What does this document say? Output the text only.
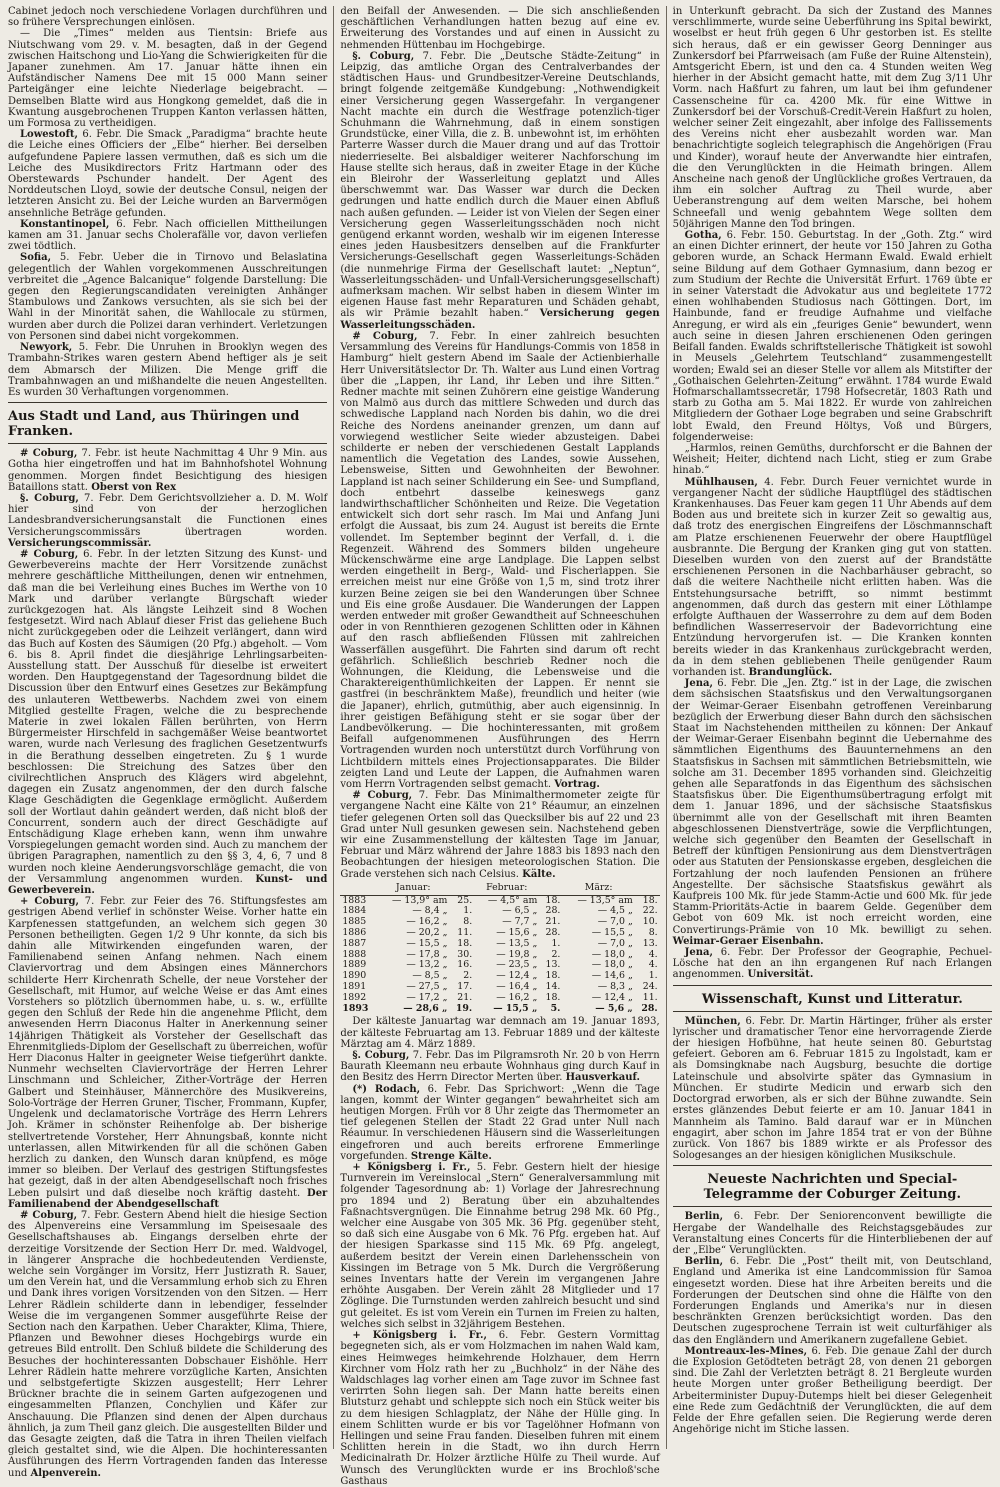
Cabinet jedoch noch verschiedene Vorlagen durchführen und so frühere Versprechungen einlösen.

— Die „Times“ melden aus Tientsin: Briefe aus Niutschwang vom 29. v. M. besagten, daß in der Gegend zwischen Haitschong und Lio-Yang die Schwierigkeiten für die Japaner zunehmen. Am 17. Januar hätte ihnen ein Aufständischer Namens Dee mit 15 000 Mann seiner Parteigänger eine leichte Niederlage beigebracht. — Demselben Blatte wird aus Hongkong gemeldet, daß die in Kwantung ausgebrochenen Truppen Kanton verlassen hätten, um Formosa zu vertheidigen.

Lowestoft, 6. Febr. Die Smack „Paradigma“ brachte heute die Leiche eines Officiers der „Elbe“ hierher. Bei derselben aufgefundene Papiere lassen vermuthen, daß es sich um die Leiche des Musikdirectors Fritz Hartmann oder des Oberstewards Pschunder handelt. Der Agent des Norddeutschen Lloyd, sowie der deutsche Consul, neigen der letzteren Ansicht zu. Bei der Leiche wurden an Barvermögen ansehnliche Beträge gefunden.

Konstantinopel, 6. Febr. Nach officiellen Mittheilungen kamen am 31. Januar sechs Cholerafälle vor, davon verliefen zwei tödtlich.

Sofia, 5. Febr. Ueber die in Tirnovo und Belaslatina gelegentlich der Wahlen vorgekommenen Ausschreitungen verbreitet die „Agence Balcanique“ folgende Darstellung: Die gegen den Regierungscandidaten vereinigten Anhänger Stambulows und Zankows versuchten, als sie sich bei der Wahl in der Minorität sahen, die Wahllocale zu stürmen, wurden aber durch die Polizei daran verhindert. Verletzungen von Personen sind dabei nicht vorgekommen.

Newyork, 5. Febr. Die Unruhen in Brooklyn wegen des Trambahn-Strikes waren gestern Abend heftiger als je seit dem Abmarsch der Milizen. Die Menge griff die Trambahnwagen an und mißhandelte die neuen Angestellten. Es wurden 30 Verhaftungen vorgenommen.

Aus Stadt und Land, aus Thüringen und Franken.

# Coburg, 7. Febr. ist heute Nachmittag 4 Uhr 9 Min. aus Gotha hier eingetroffen und hat im Bahnhofshotel Wohnung genommen. Morgen findet Besichtigung des hiesigen Bataillons statt. Oberst von Rex

§. Coburg, 7. Febr. Dem Gerichtsvollzieher a. D. M. Wolf hier sind von der herzoglichen Landesbrandversicherungsanstalt die Functionen eines Versicherungscommissärs übertragen worden. Versicherungscommissär.

# Coburg, 6. Febr. In der letzten Sitzung des Kunst- und Gewerbevereins machte der Herr Vorsitzende zunächst mehrere geschäftliche Mittheilungen, denen wir entnehmen, daß man die bei Verleihung eines Buches im Werthe von 10 Mark und darüber verlangte Bürgschaft wieder zurückgezogen hat. Als längste Leihzeit sind 8 Wochen festgesetzt. Wird nach Ablauf dieser Frist das geliehene Buch nicht zurückgegeben oder die Leihzeit verlängert, dann wird das Buch auf Kosten des Säumigen (20 Pfg.) abgeholt. — Vom 6. bis 8. April findet die diesjährige Lehrlingsarbeiten-Ausstellung statt. Der Ausschuß für dieselbe ist erweitert worden. Den Hauptgegenstand der Tagesordnung bildet die Discussion über den Entwurf eines Gesetzes zur Bekämpfung des unlauteren Wettbewerbs. Nachdem zwei von einem Mitglied gestellte Fragen, welche die zu besprechende Materie in zwei lokalen Fällen berührten, von Herrn Bürgermeister Hirschfeld in sachgemäßer Weise beantwortet waren, wurde nach Verlesung des fraglichen Gesetzentwurfs in die Berathung desselben eingetreten. Zu § 1 wurde beschlossen: Die Streichung des Satzes über den civilrechtlichen Anspruch des Klägers wird abgelehnt, dagegen ein Zusatz angenommen, der den durch falsche Klage Geschädigten die Gegenklage ermöglicht. Außerdem soll der Wortlaut dahin geändert werden, daß nicht bloß der Concurrent, sondern auch der direct Geschädigte auf Entschädigung Klage erheben kann, wenn ihm unwahre Vorspiegelungen gemacht worden sind. Auch zu manchem der übrigen Paragraphen, namentlich zu den §§ 3, 4, 6, 7 und 8 wurden noch kleine Aenderungsvorschläge gemacht, die von der Versammlung angenommen wurden. Kunst- und Gewerbeverein.

+ Coburg, 7. Febr. zur Feier des 76. Stiftungsfestes am gestrigen Abend verlief in schönster Weise. Vorher hatte ein Karpfenessen stattgefunden, an welchem sich gegen 30 Personen betheiligten. Gegen 1/2 9 Uhr konnte, da sich bis dahin alle Mitwirkenden eingefunden waren, der Familienabend seinen Anfang nehmen. Nach einem Claviervortrag und dem Absingen eines Männerchors schilderte Herr Kirchenrath Schelle, der neue Vorsteher der Gesellschaft, mit Humor, auf welche Weise er das Amt eines Vorstehers so plötzlich übernommen habe, u. s. w., erfüllte gegen den Schluß der Rede hin die angenehme Pflicht, dem anwesenden Herrn Diaconus Halter in Anerkennung seiner 14jährigen Thätigkeit als Vorsteher der Gesellschaft das Ehrenmitglieds-Diplom der Gesellschaft zu überreichen, wofür Herr Diaconus Halter in geeigneter Weise tiefgerührt dankte. Nunmehr wechselten Claviervorträge der Herren Lehrer Linschmann und Schleicher, Zither-Vorträge der Herren Galbert und Steinhäuser, Männerchöre des Musikvereins, Solo-Vorträge der Herren Gruner, Tischer, Frommann, Kupfer, Ungelenk und declamatorische Vorträge des Herrn Lehrers Joh. Krämer in schönster Reihenfolge ab. Der bisherige stellvertretende Vorsteher, Herr Ahnungsbaß, konnte nicht unterlassen, allen Mitwirkenden für all die schönen Gaben herzlich zu danken, den Wunsch daran knüpfend, es möge immer so bleiben. Der Verlauf des gestrigen Stiftungsfestes hat gezeigt, daß in der alten Abendgesellschaft noch frisches Leben pulsirt und daß dieselbe noch kräftig dasteht. Der Familienabend der Abendgesellschaft

# Coburg, 7. Febr. Gestern Abend hielt die hiesige Section des Alpenvereins eine Versammlung im Speisesaale des Gesellschaftshauses ab. Eingangs derselben ehrte der derzeitige Vorsitzende der Section Herr Dr. med. Waldvogel, in längerer Ansprache die hochbedeutenden Verdienste, welche sein Vorgänger im Vorsitz, Herr Justizrath R. Sauer, um den Verein hat, und die Versammlung erhob sich zu Ehren und Dank ihres vorigen Vorsitzenden von den Sitzen. — Herr Lehrer Rädlein schilderte dann in lebendiger, fesselnder Weise die im vergangenen Sommer ausgeführte Reise der Section nach den Karpathen. Ueber Charakter, Klima, Thiere, Pflanzen und Bewohner dieses Hochgebirgs wurde ein getreues Bild entrollt. Den Schluß bildete die Schilderung des Besuches der hochinteressanten Dobschauer Eishöhle. Herr Lehrer Rädlein hatte mehrere vorzügliche Karten, Ansichten und selbstgefertigte Skizzen ausgestellt; Herr Lehrer Brückner brachte die in seinem Garten aufgezogenen und eingesammelten Pflanzen, Conchylien und Käfer zur Anschauung. Die Pflanzen sind denen der Alpen durchaus ähnlich, ja zum Theil ganz gleich. Die ausgestellten Bilder und das Gesagte zeigten, daß die Tatra in ihren Theilen vielfach gleich gestaltet sind, wie die Alpen. Die hochinteressanten Ausführungen des Herrn Vortragenden fanden das Interesse und Alpenverein.

den Beifall der Anwesenden. — Die sich anschließenden geschäftlichen Verhandlungen hatten bezug auf eine ev. Erweiterung des Vorstandes und auf einen in Aussicht zu nehmenden Hüttenbau im Hochgebirge.

§. Coburg, 7. Febr. Die „Deutsche Städte-Zeitung“ in Leipzig, das amtliche Organ des Centralverbandes der städtischen Haus- und Grundbesitzer-Vereine Deutschlands, bringt folgende zeitgemäße Kundgebung: „Nothwendigkeit einer Versicherung gegen Wassergefahr. In vergangener Nacht machte ein durch die Westfrage potenzlich-tiger Schuhmann die Wahrnehmung, daß in einem sonstigen Grundstücke, einer Villa, die z. B. unbewohnt ist, im erhöhten Parterre Wasser durch die Mauer drang und auf das Trottoir niederrieselte. Bei alsbaldiger weiterer Nachforschung im Hause stellte sich heraus, daß in zweiter Etage in der Küche ein Bleirohr der Wasserleitung geplatzt und Alles überschwemmt war. Das Wasser war durch die Decken gedrungen und hatte endlich durch die Mauer einen Abfluß nach außen gefunden. — Leider ist von Vielen der Segen einer Versicherung gegen Wasserleitungsschäden noch nicht genügend erkannt worden, weshalb wir im eigenen Interesse eines jeden Hausbesitzers denselben auf die Frankfurter Versicherungs-Gesellschaft gegen Wasserleitungs-Schäden (die nunmehrige Firma der Gesellschaft lautet: „Neptun“, Wasserleitungsschäden- und Unfall-Versicherungsgesellschaft) aufmerksam machen. Wir selbst haben in diesem Winter im eigenen Hause fast mehr Reparaturen und Schäden gehabt, als wir Prämie bezahlt haben.“ Versicherung gegen Wasserleitungsschäden.

# Coburg, 7. Febr. In einer zahlreich besuchten Versammlung des Vereins für Handlungs-Commis von 1858 in Hamburg“ hielt gestern Abend im Saale der Actienbierhalle Herr Universitätslector Dr. Th. Walter aus Lund einen Vortrag über die „Lappen, ihr Land, ihr Leben und ihre Sitten.“ Redner machte mit seinen Zuhörern eine geistige Wanderung von Malmö aus durch das mittlere Schweden und durch das schwedische Lappland nach Norden bis dahin, wo die drei Reiche des Nordens aneinander grenzen, um dann auf vorwiegend westlicher Seite wieder abzusteigen. Dabei schilderte er neben der verschiedenen Gestalt Lapplands namentlich die Vegetation des Landes, sowie Aussehen, Lebensweise, Sitten und Gewohnheiten der Bewohner. Lappland ist nach seiner Schilderung ein See- und Sumpfland, doch entbehrt dasselbe keineswegs ganz landwirthschaftlicher Schönheiten und Reize. Die Vegetation entwickelt sich dort sehr rasch. Im Mai und Anfang Juni erfolgt die Aussaat, bis zum 24. August ist bereits die Ernte vollendet. Im September beginnt der Verfall, d. i. die Regenzeit. Während des Sommers bilden ungeheure Mückenschwärme eine arge Landplage. Die Lappen selbst werden eingetheilt in Berg-, Wald- und Fischerlappen. Sie erreichen meist nur eine Größe von 1,5 m, sind trotz ihrer kurzen Beine zeigen sie bei den Wanderungen über Schnee und Eis eine große Ausdauer. Die Wanderungen der Lappen werden entweder mit großer Gewandtheit auf Schneeschuhen oder in von Rennthieren gezogenen Schlitten oder in Kähnen auf den rasch abfließenden Flüssen mit zahlreichen Wasserfällen ausgeführt. Die Fahrten sind darum oft recht gefährlich. Schließlich beschrieb Redner noch die Wohnungen, die Kleidung, die Lebensweise und die Charaktereigenthümlichkeiten der Lappen. Er nennt sie gastfrei (in beschränktem Maße), freundlich und heiter (wie die Japaner), ehrlich, gutmüthig, aber auch eigensinnig. In ihrer geistigen Befähigung steht er sie sogar über der Landbevölkerung. — Die hochinteressanten, mit großem Beifall aufgenommenen Ausführungen des Herrn Vortragenden wurden noch unterstützt durch Vorführung von Lichtbildern mittels eines Projectionsapparates. Die Bilder zeigten Land und Leute der Lappen, die Aufnahmen waren vom Herrn Vortragenden selbst gemacht. Vortrag.

# Coburg, 7. Febr. Das Minimalthermometer zeigte für vergangene Nacht eine Kälte von 21° Réaumur, an einzelnen tiefer gelegenen Orten soll das Quecksilber bis auf 22 und 23 Grad unter Null gesunken gewesen sein. Nachstehend geben wir eine Zusammenstellung der kältesten Tage im Januar, Februar und März während der Jahre 1883 bis 1893 nach den Beobachtungen der hiesigen meteorologischen Station. Die Grade verstehen sich nach Celsius. Kälte.

	Januar:		Februar:		März:	
1883	— 13,9° am	25.	— 4,5° am	18.	— 13,5° am	18.
1884	— 8,4 „	1.	— 6,5 „	28.	— 4,5 „	22.
1885	— 16,2 „	8.	— 7,7 „	21.	— 7,0 „	10.
1886	— 20,2 „	11.	— 15,6 „	28.	— 15,5 „	8.
1887	— 15,5 „	18.	— 13,5 „	1.	— 7,0 „	13.
1888	— 17,8 „	30.	— 19,8 „	2.	— 18,0 „	4.
1889	— 13,2 „	16.	— 23,5 „	13.	— 18,0 „	4.
1890	— 8,5 „	2.	— 12,4 „	18.	— 14,6 „	1.
1891	— 27,5 „	17.	— 16,4 „	14.	— 8,3 „	24.
1892	— 17,2 „	21.	— 16,2 „	18.	— 12,4 „	11.
1893	— 28,6 „	19.	— 15,5 „	5.	— 5,6 „	28.

Der kälteste Januartag war demnach am 19. Januar 1893, der kälteste Februartag am 13. Februar 1889 und der kälteste Märztag am 4. März 1889.

§. Coburg, 7. Febr. Das im Pilgramsroth Nr. 20 b von Herrn Baurath Kleemann neu erbaute Wohnhaus ging durch Kauf in den Besitz des Herrn Director Merten über. Hausverkauf.

(*) Rodach, 6. Febr. Das Sprichwort: „Wenn die Tage langen, kommt der Winter gegangen“ bewahrheitet sich am heutigen Morgen. Früh vor 8 Uhr zeigte das Thermometer an tief gelegenen Stellen der Stadt 22 Grad unter Null nach Réaumur. In verschiedenen Häusern sind die Wasserleitungen eingefroren und auch bereits erfrorene Emmerlinge vorgefunden. Strenge Kälte.

+ Königsberg i. Fr., 5. Febr. Gestern hielt der hiesige Turnverein im Vereinslocal „Stern“ Generalversammlung mit folgender Tagesordnung ab: 1) Vorlage der Jahresrechnung pro 1894 und 2) Beratung über ein abzuhaltendes Faßnachtsvergnügen. Die Einnahme betrug 298 Mk. 60 Pfg., welcher eine Ausgabe von 305 Mk. 36 Pfg. gegenüber steht, so daß sich eine Ausgabe von 6 Mk. 76 Pfg. ergeben hat. Auf der hiesigen Sparkasse sind 115 Mk. 69 Pfg. angelegt, außerdem besitzt der Verein einen Darlehensschein von Kissingen im Betrage von 5 Mk. Durch die Vergrößerung seines Inventars hatte der Verein im vergangenen Jahre erhöhte Ausgaben. Der Verein zählt 28 Mitglieder und 17 Zöglinge. Die Turnstunden werden zahlreich besucht und sind gut geleitet. Es ist vom Verein ein Turnen im Freien zu halten, welches sich selbst in 32jährigem Bestehen.

+ Königsberg i. Fr., 6. Febr. Gestern Vormittag begegneten sich, als er vom Holzmachen im nahen Wald kam, eines Heimweges heimkehrende Holzhauer, dem Herrn Kirchner vom Holz rath her zu „Buchholz“ in der Nähe des Waldschlages lag vorher einen am Tage zuvor im Schnee fast verirrten Sohn liegen sah. Der Mann hatte bereits einen Blutsturz gehabt und schleppte sich noch ein Stück weiter bis zu dem hiesigen Schlagplatz, der Nähe der Hülle ging. In einem Schlitten wurde er bis vor Tagelöhner Hofmann von Hellingen und seine Frau fanden. Dieselben fuhren mit einem Schlitten herein in die Stadt, wo ihn durch Herrn Medicinalrath Dr. Holzer ärztliche Hülfe zu Theil wurde. Auf Wunsch des Verunglückten wurde er ins Brochloß'sche Gasthaus

in Unterkunft gebracht. Da sich der Zustand des Mannes verschlimmerte, wurde seine Ueberführung ins Spital bewirkt, woselbst er heut früh gegen 6 Uhr gestorben ist. Es stellte sich heraus, daß er ein gewisser Georg Denninger aus Zunkersdorf bei Pfarrweisach (am Fuße der Ruine Altenstein), Amtsgericht Ebern, ist und den ca. 4 Stunden weiten Weg hierher in der Absicht gemacht hatte, mit dem Zug 3/11 Uhr Vorm. nach Haßfurt zu fahren, um laut bei ihm gefundener Cassenscheine für ca. 4200 Mk. für eine Wittwe in Zunkersdorf bei der Vorschuß-Credit-Verein Haßfurt zu holen, welcher seiner Zeit eingezahlt, aber infolge des Fallissements des Vereins nicht eher ausbezahlt worden war. Man benachrichtigte sogleich telegraphisch die Angehörigen (Frau und Kinder), worauf heute der Anverwandte hier eintrafen, die den Verunglückten in die Heimath bringen. Allem Anscheine nach genoß der Unglückliche großes Vertrauen, da ihm ein solcher Auftrag zu Theil wurde, aber Ueberanstrengung auf dem weiten Marsche, bei hohem Schneefall und wenig gebahntem Wege sollten dem 50jährigen Manne den Tod bringen.

Gotha, 6. Febr. 150. Geburtstag. In der „Goth. Ztg.“ wird an einen Dichter erinnert, der heute vor 150 Jahren zu Gotha geboren wurde, an Schack Hermann Ewald. Ewald erhielt seine Bildung auf dem Gothaer Gymnasium, dann bezog er zum Studium der Rechte die Universität Erfurt. 1769 übte er in seiner Vaterstadt die Advokatur aus und begleitete 1772 einen wohlhabenden Studiosus nach Göttingen. Dort, im Hainbunde, fand er freudige Aufnahme und vielfache Anregung, er wird als ein „feuriges Genie“ bewundert, wenn auch seine in diesen Jahren erschienenen Oden geringen Beifall fanden. Ewalds schriftstellerische Thätigkeit ist sowohl in Meusels „Gelehrtem Teutschland“ zusammengestellt worden; Ewald sei an dieser Stelle vor allem als Mitstifter der „Gothaischen Gelehrten-Zeitung“ erwähnt. 1784 wurde Ewald Hofmarschallamtssecretär, 1798 Hofsecretär, 1803 Rath und starb zu Gotha am 5. Mai 1822. Er wurde von zahlreichen Mitgliedern der Gothaer Loge begraben und seine Grabschrift lobt Ewald, den Freund Höltys, Voß und Bürgers, folgenderweise:

„Harmlos, reinen Gemüths, durchforscht er die Bahnen der Weisheit; Heiter, dichtend nach Licht, stieg er zum Grabe hinab.“

Mühlhausen, 4. Febr. Durch Feuer vernichtet wurde in vergangener Nacht der südliche Hauptflügel des städtischen Krankenhauses. Das Feuer kam gegen 11 Uhr Abends auf dem Boden aus und breitete sich in kurzer Zeit so gewaltig aus, daß trotz des energischen Eingreifens der Löschmannschaft am Platze erschienenen Feuerwehr der obere Hauptflügel ausbrannte. Die Bergung der Kranken ging gut von statten. Dieselben wurden von den zuerst auf der Brandstätte erschienenen Personen in die Nachbarhäuser gebracht, so daß die weitere Nachtheile nicht erlitten haben. Was die Entstehungsursache betrifft, so nimmt bestimmt angenommen, daß durch das gestern mit einer Löthlampe erfolgte Aufthauen der Wasserrohre zu dem auf dem Boden befindlichen Wasserreservoir der Badevorrichtung eine Entzündung hervorgerufen ist. — Die Kranken konnten bereits wieder in das Krankenhaus zurückgebracht werden, da in dem stehen gebliebenen Theile genügender Raum vorhanden ist. Brandunglück.

Jena, 6. Febr. Die „Jen. Ztg.“ ist in der Lage, die zwischen dem sächsischen Staatsfiskus und den Verwaltungsorganen der Weimar-Geraer Eisenbahn getroffenen Vereinbarung bezüglich der Erwerbung dieser Bahn durch den sächsischen Staat im Nachstehenden mittheilen zu können: Der Ankauf der Weimar-Geraer Eisenbahn beginnt die Uebernahme des sämmtlichen Eigenthums des Bauunternehmens an den Staatsfiskus in Sachsen mit sämmtlichen Betriebsmitteln, wie solche am 31. December 1895 vorhanden sind. Gleichzeitig gehen alle Separatfonds in das Eigenthum des sächsischen Staatsfiskus über. Die Eigenthumsübertragung erfolgt mit dem 1. Januar 1896, und der sächsische Staatsfiskus übernimmt alle von der Gesellschaft mit ihren Beamten abgeschlossenen Dienstverträge, sowie die Verpflichtungen, welche sich gegenüber den Beamten der Gesellschaft in Betreff der künftigen Pensionirung aus dem Dienstverträgen oder aus Statuten der Pensionskasse ergeben, desgleichen die Fortzahlung der noch laufenden Pensionen an frühere Angestellte. Der sächsische Staatsfiskus gewährt als Kaufpreis 100 Mk. für jede Stamm-Actie und 600 Mk. für jede Stamm-Prioritäts-Actie in baarem Gelde. Gegenüber dem Gebot von 609 Mk. ist noch erreicht worden, eine Convertirungs-Prämie von 10 Mk. bewilligt zu sehen. Weimar-Geraer Eisenbahn.

Jena, 6. Febr. Der Professor der Geographie, Pechuel-Lösche hat den an ihn ergangenen Ruf nach Erlangen angenommen. Universität.

Wissenschaft, Kunst und Litteratur.

München, 6. Febr. Dr. Martin Härtinger, früher als erster lyrischer und dramatischer Tenor eine hervorragende Zierde der hiesigen Hofbühne, hat heute seinen 80. Geburtstag gefeiert. Geboren am 6. Februar 1815 zu Ingolstadt, kam er als Domsingknabe nach Augsburg, besuchte die dortige Lateinschule und absolvirte später das Gymnasium in München. Er studirte Medicin und erwarb sich den Doctorgrad erworben, als er sich der Bühne zuwandte. Sein erstes glänzendes Debut feierte er am 10. Januar 1841 in Mannheim als Tamino. Bald darauf war er in München engagirt, aber schon im Jahre 1854 trat er von der Bühne zurück. Von 1867 bis 1889 wirkte er als Professor des Sologesanges an der hiesigen königlichen Musikschule.

Neueste Nachrichten und Special-Telegramme der Coburger Zeitung.

Berlin, 6. Febr. Der Seniorenconvent bewilligte die Hergabe der Wandelhalle des Reichstagsgebäudes zur Veranstaltung eines Concerts für die Hinterbliebenen der auf der „Elbe“ Verunglückten.

Berlin, 6. Febr. Die „Post“ theilt mit, von Deutschland, England und Amerika ist eine Landcommission für Samoa eingesetzt worden. Diese hat ihre Arbeiten bereits und die Forderungen der Deutschen sind ohne die Hälfte von den Forderungen Englands und Amerika's nur in diesen beschränkten Grenzen berücksichtigt worden. Das den Deutschen zugesprochene Terrain ist weit culturfähiger als das den Engländern und Amerikanern zugefallene Gebiet.

Montreaux-les-Mines, 6. Feb. Die genaue Zahl der durch die Explosion Getödteten beträgt 28, von denen 21 geborgen sind. Die Zahl der Verletzten beträgt 8. 21 Bergleute wurden heute Morgen unter großer Betheiligung beerdigt. Der Arbeiterminister Dupuy-Dutemps hielt bei dieser Gelegenheit eine Rede zum Gedächtniß der Verunglückten, die auf dem Felde der Ehre gefallen seien. Die Regierung werde deren Angehörige nicht im Stiche lassen.
